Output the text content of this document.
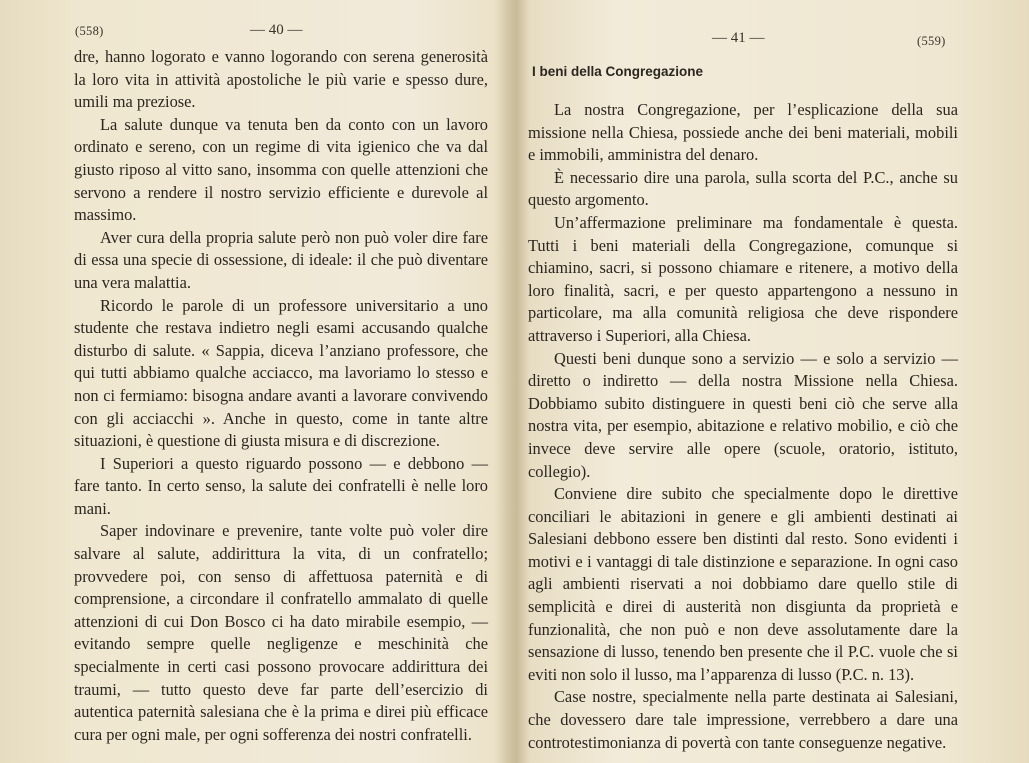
(558)	— 40 —

dre, hanno logorato e vanno logorando con serena generosità la loro vita in attività apostoliche le più varie e spesso dure, umili ma preziose.

La salute dunque va tenuta ben da conto con un lavoro ordinato e sereno, con un regime di vita igienico che va dal giusto riposo al vitto sano, insomma con quelle attenzioni che servono a rendere il nostro servizio efficiente e durevole al massimo.

Aver cura della propria salute però non può voler dire fare di essa una specie di ossessione, di ideale: il che può diventare una vera malattia.

Ricordo le parole di un professore universitario a uno studente che restava indietro negli esami accusando qualche disturbo di salute. « Sappia, diceva l’anziano professore, che qui tutti abbiamo qualche acciacco, ma lavoriamo lo stesso e non ci fermiamo: bisogna andare avanti a lavorare convivendo con gli acciacchi ». Anche in questo, come in tante altre situazioni, è questione di giusta misura e di discrezione.

I Superiori a questo riguardo possono — e debbono — fare tanto. In certo senso, la salute dei confratelli è nelle loro mani.

Saper indovinare e prevenire, tante volte può voler dire salvare al salute, addirittura la vita, di un confratello; provvedere poi, con senso di affettuosa paternità e di comprensione, a circondare il confratello ammalato di quelle attenzioni di cui Don Bosco ci ha dato mirabile esempio, — evitando sempre quelle negligenze e meschinità che specialmente in certi casi possono provocare addirittura dei traumi, — tutto questo deve far parte dell’esercizio di autentica paternità salesiana che è la prima e direi più efficace cura per ogni male, per ogni sofferenza dei nostri confratelli.

— 41 —	(559)
I beni della Congregazione

La nostra Congregazione, per l’esplicazione della sua missione nella Chiesa, possiede anche dei beni materiali, mobili e immobili, amministra del denaro.

È necessario dire una parola, sulla scorta del P.C., anche su questo argomento.

Un’affermazione preliminare ma fondamentale è questa. Tutti i beni materiali della Congregazione, comunque si chiamino, sacri, si possono chiamare e ritenere, a motivo della loro finalità, sacri, e per questo appartengono a nessuno in particolare, ma alla comunità religiosa che deve rispondere attraverso i Superiori, alla Chiesa.

Questi beni dunque sono a servizio — e solo a servizio — diretto o indiretto — della nostra Missione nella Chiesa. Dobbiamo subito distinguere in questi beni ciò che serve alla nostra vita, per esempio, abitazione e relativo mobilio, e ciò che invece deve servire alle opere (scuole, oratorio, istituto, collegio).

Conviene dire subito che specialmente dopo le direttive conciliari le abitazioni in genere e gli ambienti destinati ai Salesiani debbono essere ben distinti dal resto. Sono evidenti i motivi e i vantaggi di tale distinzione e separazione. In ogni caso agli ambienti riservati a noi dobbiamo dare quello stile di semplicità e direi di austerità non disgiunta da proprietà e funzionalità, che non può e non deve assolutamente dare la sensazione di lusso, tenendo ben presente che il P.C. vuole che si eviti non solo il lusso, ma l’apparenza di lusso (P.C. n. 13).

Case nostre, specialmente nella parte destinata ai Salesiani, che dovessero dare tale impressione, verrebbero a dare una controtestimonianza di povertà con tante conseguenze negative.
